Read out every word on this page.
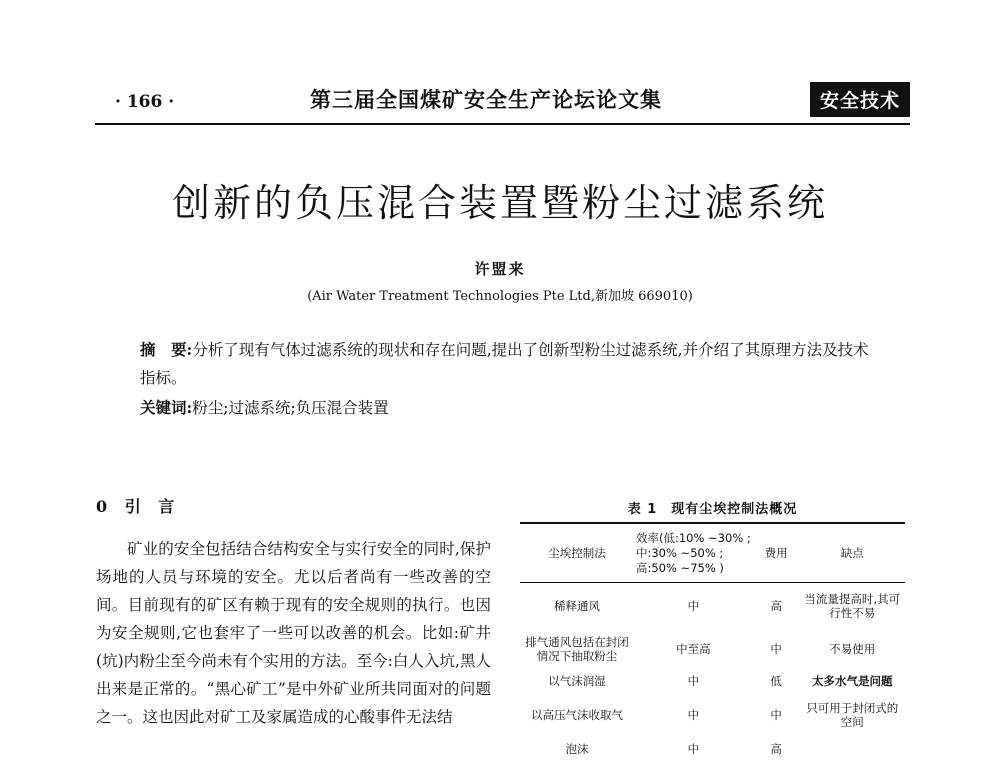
· 166 ·	第三届全国煤矿安全生产论坛论文集	安全技术
创新的负压混合装置暨粉尘过滤系统
许盟来
(Air Water Treatment Technologies Pte Ltd,新加坡 669010)
摘　要:分析了现有气体过滤系统的现状和存在问题,提出了创新型粉尘过滤系统,并介绍了其原理方法及技术指标。
关键词:粉尘;过滤系统;负压混合装置
0 引 言
矿业的安全包括结合结构安全与实行安全的同时,保护场地的人员与环境的安全。尤以后者尚有一些改善的空间。目前现有的矿区有赖于现有的安全规则的执行。也因为安全规则,它也套牢了一些可以改善的机会。比如:矿井(坑)内粉尘至今尚未有个实用的方法。至今:白人入坑,黑人出来是正常的。“黑心矿工”是中外矿业所共同面对的问题之一。这也因此对矿工及家属造成的心酸事件无法结
表 1　现有尘埃控制法概况
尘埃控制法	效率(低:10% ~30% ;
中:30% ~50% ;
高:50% ~75% )	费用	缺点
稀释通风	中	高	当流量提高时,其可行性不易
排气通风包括在封闭情况下抽取粉尘	中至高	中	不易使用
以气沫润湿	中	低	太多水气是问题
以高压气沫收取气	中	中	只可用于封闭式的空间
泡沫	中	高	
